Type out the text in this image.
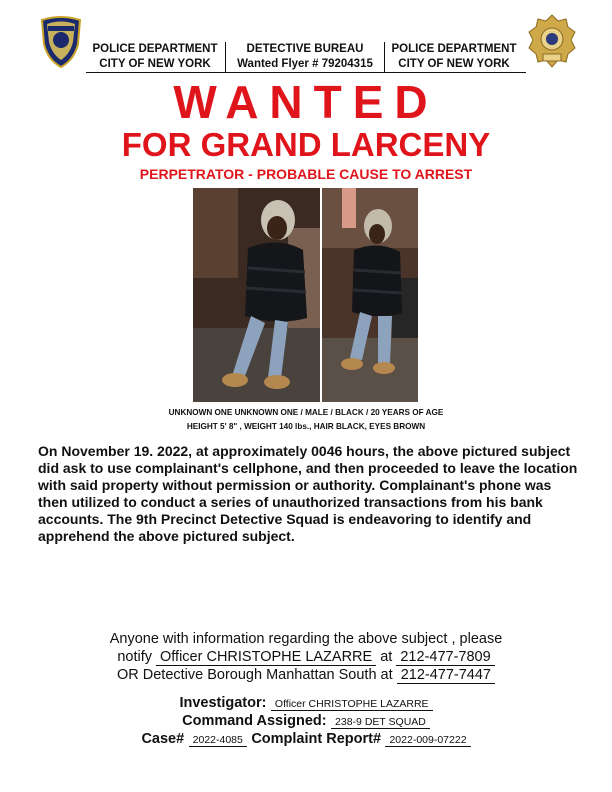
POLICE DEPARTMENT
CITY OF NEW YORK
DETECTIVE BUREAU
Wanted Flyer # 79204315
POLICE DEPARTMENT
CITY OF NEW YORK
WANTED
FOR GRAND LARCENY
PERPETRATOR - PROBABLE CAUSE TO ARREST
UNKNOWN ONE UNKNOWN ONE / MALE / BLACK / 20 YEARS OF AGE
HEIGHT 5' 8" , WEIGHT 140 lbs., HAIR BLACK, EYES BROWN
On November 19. 2022, at approximately 0046 hours, the above pictured subject did ask to use complainant's cellphone, and then proceeded to leave the location with said property without permission or authority. Complainant's phone was then utilized to conduct a series of unauthorized transactions from his bank accounts. The 9th Precinct Detective Squad is endeavoring to identify and apprehend the above pictured subject.
Anyone with information regarding the above subject , please
notify Officer CHRISTOPHE LAZARRE at 212-477-7809
OR Detective Borough Manhattan South at 212-477-7447
Investigator: Officer CHRISTOPHE LAZARRE
Command Assigned: 238-9 DET SQUAD
Case# 2022-4085 Complaint Report# 2022-009-07222
